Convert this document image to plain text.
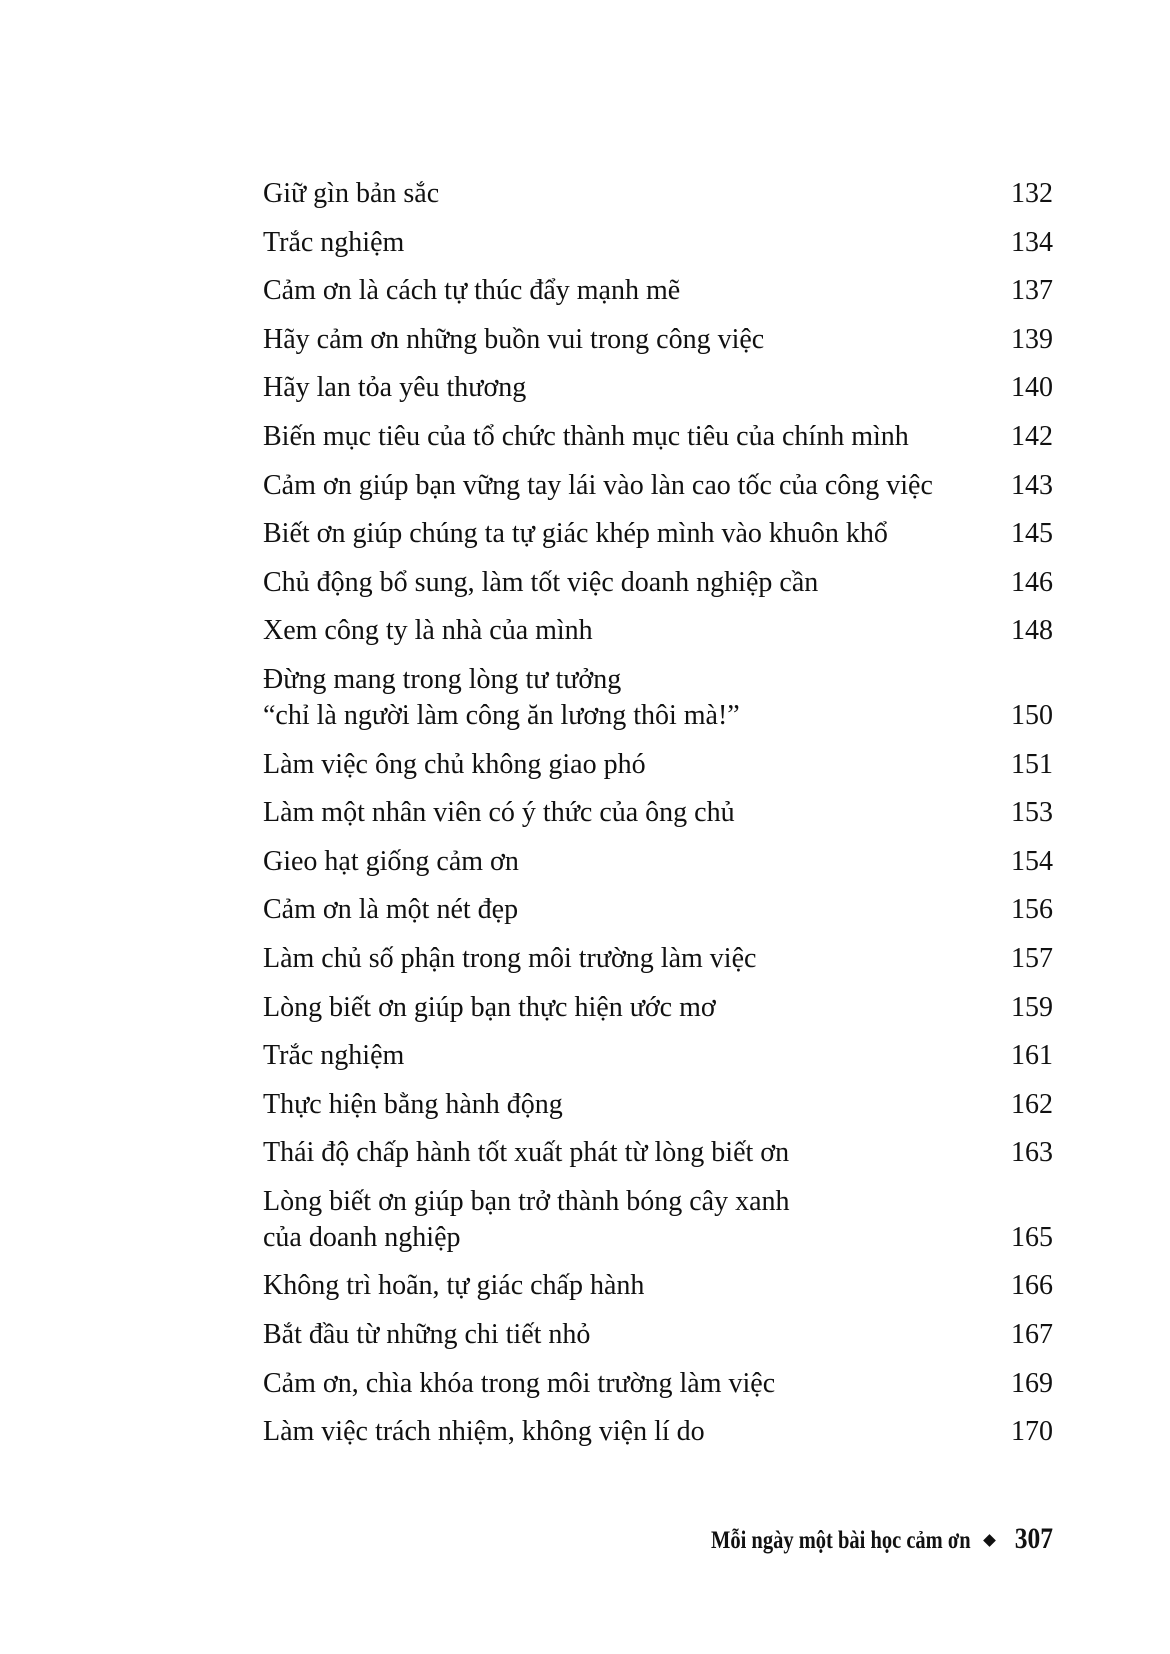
Giữ gìn bản sắc	132
Trắc nghiệm	134
Cảm ơn là cách tự thúc đẩy mạnh mẽ	137
Hãy cảm ơn những buồn vui trong công việc	139
Hãy lan tỏa yêu thương	140
Biến mục tiêu của tổ chức thành mục tiêu của chính mình	142
Cảm ơn giúp bạn vững tay lái vào làn cao tốc của công việc	143
Biết ơn giúp chúng ta tự giác khép mình vào khuôn khổ	145
Chủ động bổ sung, làm tốt việc doanh nghiệp cần	146
Xem công ty là nhà của mình	148
Đừng mang trong lòng tư tưởng
“chỉ là người làm công ăn lương thôi mà!”	150
Làm việc ông chủ không giao phó	151
Làm một nhân viên có ý thức của ông chủ	153
Gieo hạt giống cảm ơn	154
Cảm ơn là một nét đẹp	156
Làm chủ số phận trong môi trường làm việc	157
Lòng biết ơn giúp bạn thực hiện ước mơ	159
Trắc nghiệm	161
Thực hiện bằng hành động	162
Thái độ chấp hành tốt xuất phát từ lòng biết ơn	163
Lòng biết ơn giúp bạn trở thành bóng cây xanh
của doanh nghiệp	165
Không trì hoãn, tự giác chấp hành	166
Bắt đầu từ những chi tiết nhỏ	167
Cảm ơn, chìa khóa trong môi trường làm việc	169
Làm việc trách nhiệm, không viện lí do	170
Mỗi ngày một bài học cảm ơn 307
